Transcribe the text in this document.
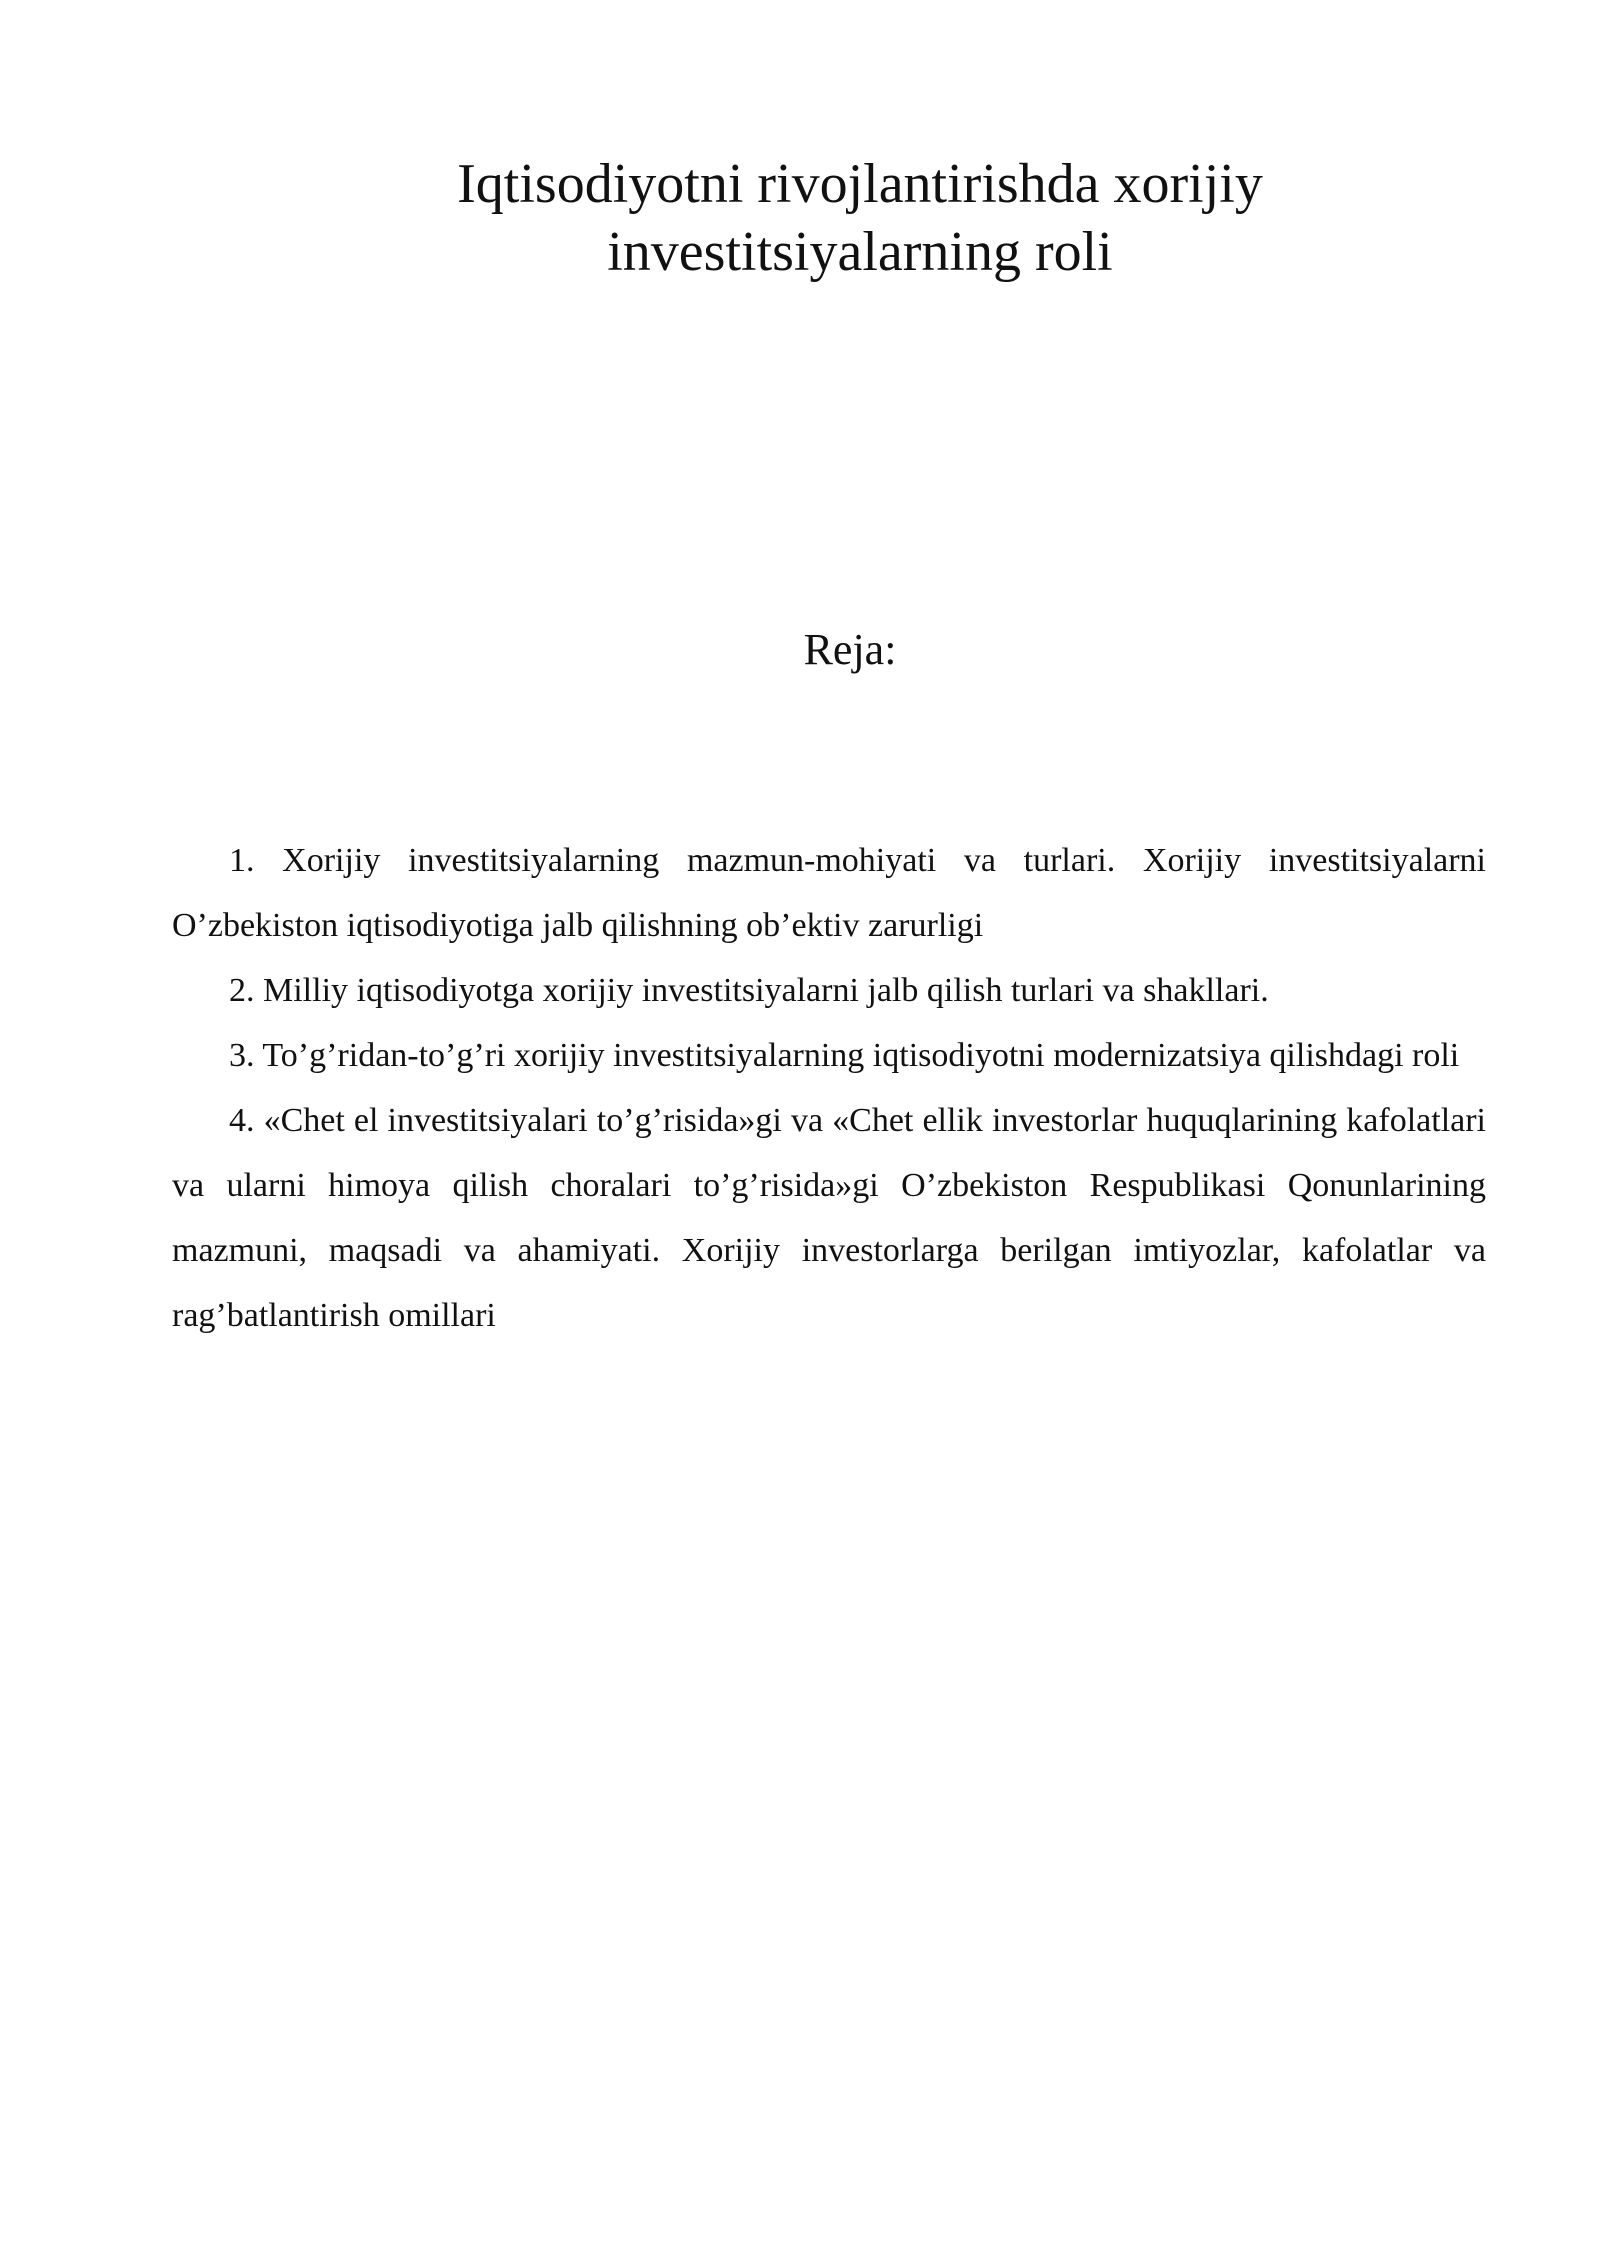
Iqtisodiyotni rivojlantirishda xorijiy
investitsiyalarning roli
Reja:
1. Xorijiy investitsiyalarning mazmun-mohiyati va turlari. Xorijiy investitsiyalarni O’zbekiston iqtisodiyotiga jalb qilishning ob’ektiv zarurligi
2. Milliy iqtisodiyotga xorijiy investitsiyalarni jalb qilish turlari va shakllari.
3. To’g’ridan-to’g’ri xorijiy investitsiyalarning iqtisodiyotni modernizatsiya qilishdagi roli
4. «Chet el investitsiyalari to’g’risida»gi va «Chet ellik investorlar huquqlarining kafolatlari va ularni himoya qilish choralari to’g’risida»gi O’zbekiston Respublikasi Qonunlarining mazmuni, maqsadi va ahamiyati. Xorijiy investorlarga berilgan imtiyozlar, kafolatlar va rag’batlantirish omillari
